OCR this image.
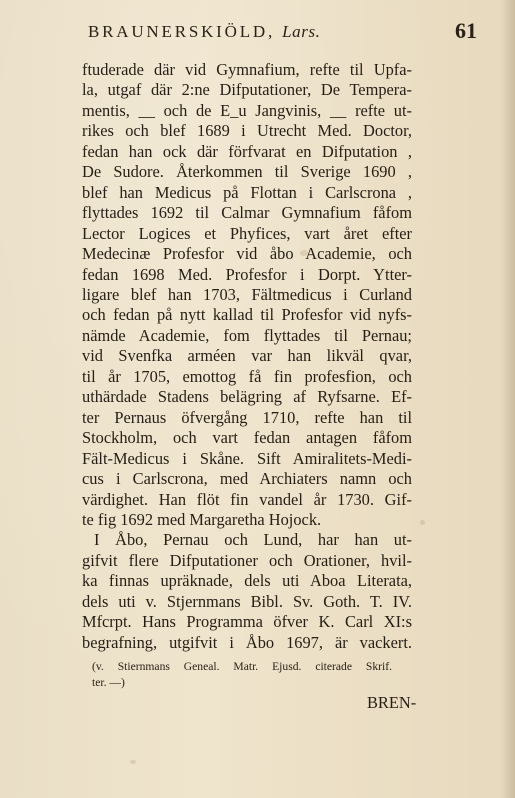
BRAUNERSKIÖLD, Lars.	61
ftuderade där vid Gymnafium, refte til Upfa-
la, utgaf där 2:ne Difputationer, De Tempera-
mentis, __ och de E_u Jangvinis, __ refte ut-
rikes och blef 1689 i Utrecht Med. Doctor,
fedan han ock där förfvarat en Difputation ,
De Sudore. Återkommen til Sverige 1690 ,
blef han Medicus på Flottan i Carlscrona ,
flyttades 1692 til Calmar Gymnafium fåfom
Lector Logices et Phyfices, vart året efter
Medecinæ Profesfor vid åbo Academie, och
fedan 1698 Med. Profesfor i Dorpt. Ytter-
ligare blef han 1703, Fältmedicus i Curland
och fedan på nytt kallad til Profesfor vid nyfs-
nämde Academie, fom flyttades til Pernau;
vid Svenfka arméen var han likväl qvar,
til år 1705, emottog få fin profesfion, och
uthärdade Stadens belägring af Ryfsarne. Ef-
ter Pernaus öfvergång 1710, refte han til
Stockholm, och vart fedan antagen fåfom
Fält-Medicus i Skåne. Sift Amiralitets-Medi-
cus i Carlscrona, med Archiaters namn och
värdighet. Han flöt fin vandel år 1730. Gif-
te fig 1692 med Margaretha Hojock.
I Åbo, Pernau och Lund, har han ut-
gifvit flere Difputationer och Orationer, hvil-
ka finnas upräknade, dels uti Aboa Literata,
dels uti v. Stjernmans Bibl. Sv. Goth. T. IV.
Mfcrpt. Hans Programma öfver K. Carl XI:s
begrafning, utgifvit i Åbo 1697, är vackert.
(v. Stiernmans Geneal. Matr. Ejusd. citerade Skrif.
ter. —)
BREN-
